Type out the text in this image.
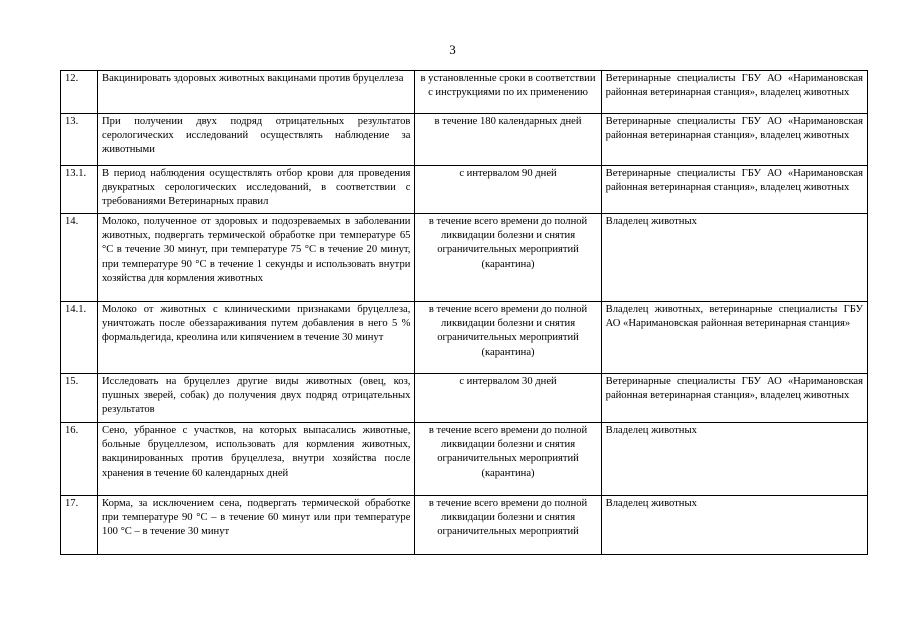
3
12.	Вакцинировать здоровых животных вакцинами против бруцеллеза	в установленные сроки в соответствии с инструкциями по их применению	Ветеринарные специалисты ГБУ АО «Наримановская районная ветеринарная станция», владелец животных
13.	При получении двух подряд отрицательных результатов серологических исследований осуществлять наблюдение за животными	в течение 180 календарных дней	Ветеринарные специалисты ГБУ АО «Наримановская районная ветеринарная станция», владелец животных
13.1.	В период наблюдения осуществлять отбор крови для проведения двукратных серологических исследований, в соответствии с требованиями Ветеринарных правил	с интервалом 90 дней	Ветеринарные специалисты ГБУ АО «Наримановская районная ветеринарная станция», владелец животных
14.	Молоко, полученное от здоровых и подозреваемых в заболевании животных, подвергать термической обработке при температуре 65 °С в течение 30 минут, при температуре 75 °С в течение 20 минут, при температуре 90 °С в течение 1 секунды и использовать внутри хозяйства для кормления животных	в течение всего времени до полной ликвидации болезни и снятия ограничительных мероприятий (карантина)	Владелец животных
14.1.	Молоко от животных с клиническими признаками бруцеллеза, уничтожать после обеззараживания путем добавления в него 5 % формальдегида, креолина или кипячением в течение 30 минут	в течение всего времени до полной ликвидации болезни и снятия ограничительных мероприятий (карантина)	Владелец животных, ветеринарные специалисты ГБУ АО «Наримановская районная ветеринарная станция»
15.	Исследовать на бруцеллез другие виды животных (овец, коз, пушных зверей, собак) до получения двух подряд отрицательных результатов	с интервалом 30 дней	Ветеринарные специалисты ГБУ АО «Наримановская районная ветеринарная станция», владелец животных
16.	Сено, убранное с участков, на которых выпасались животные, больные бруцеллезом, использовать для кормления животных, вакцинированных против бруцеллеза, внутри хозяйства после хранения в течение 60 календарных дней	в течение всего времени до полной ликвидации болезни и снятия ограничительных мероприятий (карантина)	Владелец животных
17.	Корма, за исключением сена, подвергать термической обработке при температуре 90 °С – в течение 60 минут или при температуре 100 °С – в течение 30 минут	в течение всего времени до полной ликвидации болезни и снятия ограничительных мероприятий	Владелец животных
